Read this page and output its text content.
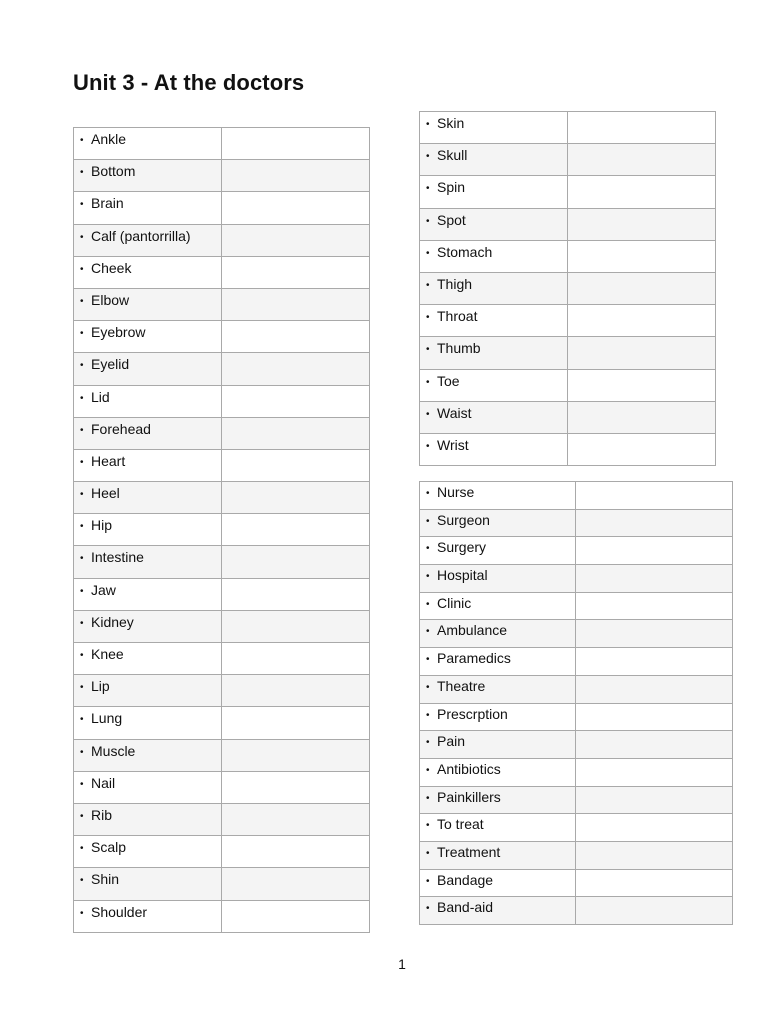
Unit 3 - At the doctors
• Ankle	
• Bottom	
• Brain	
• Calf (pantorrilla)	
• Cheek	
• Elbow	
• Eyebrow	
• Eyelid	
• Lid	
• Forehead	
• Heart	
• Heel	
• Hip	
• Intestine	
• Jaw	
• Kidney	
• Knee	
• Lip	
• Lung	
• Muscle	
• Nail	
• Rib	
• Scalp	
• Shin	
• Shoulder	
• Skin	
• Skull	
• Spin	
• Spot	
• Stomach	
• Thigh	
• Throat	
• Thumb	
• Toe	
• Waist	
• Wrist	
• Nurse	
• Surgeon	
• Surgery	
• Hospital	
• Clinic	
• Ambulance	
• Paramedics	
• Theatre	
• Prescrption	
• Pain	
• Antibiotics	
• Painkillers	
• To treat	
• Treatment	
• Bandage	
• Band-aid	
1
